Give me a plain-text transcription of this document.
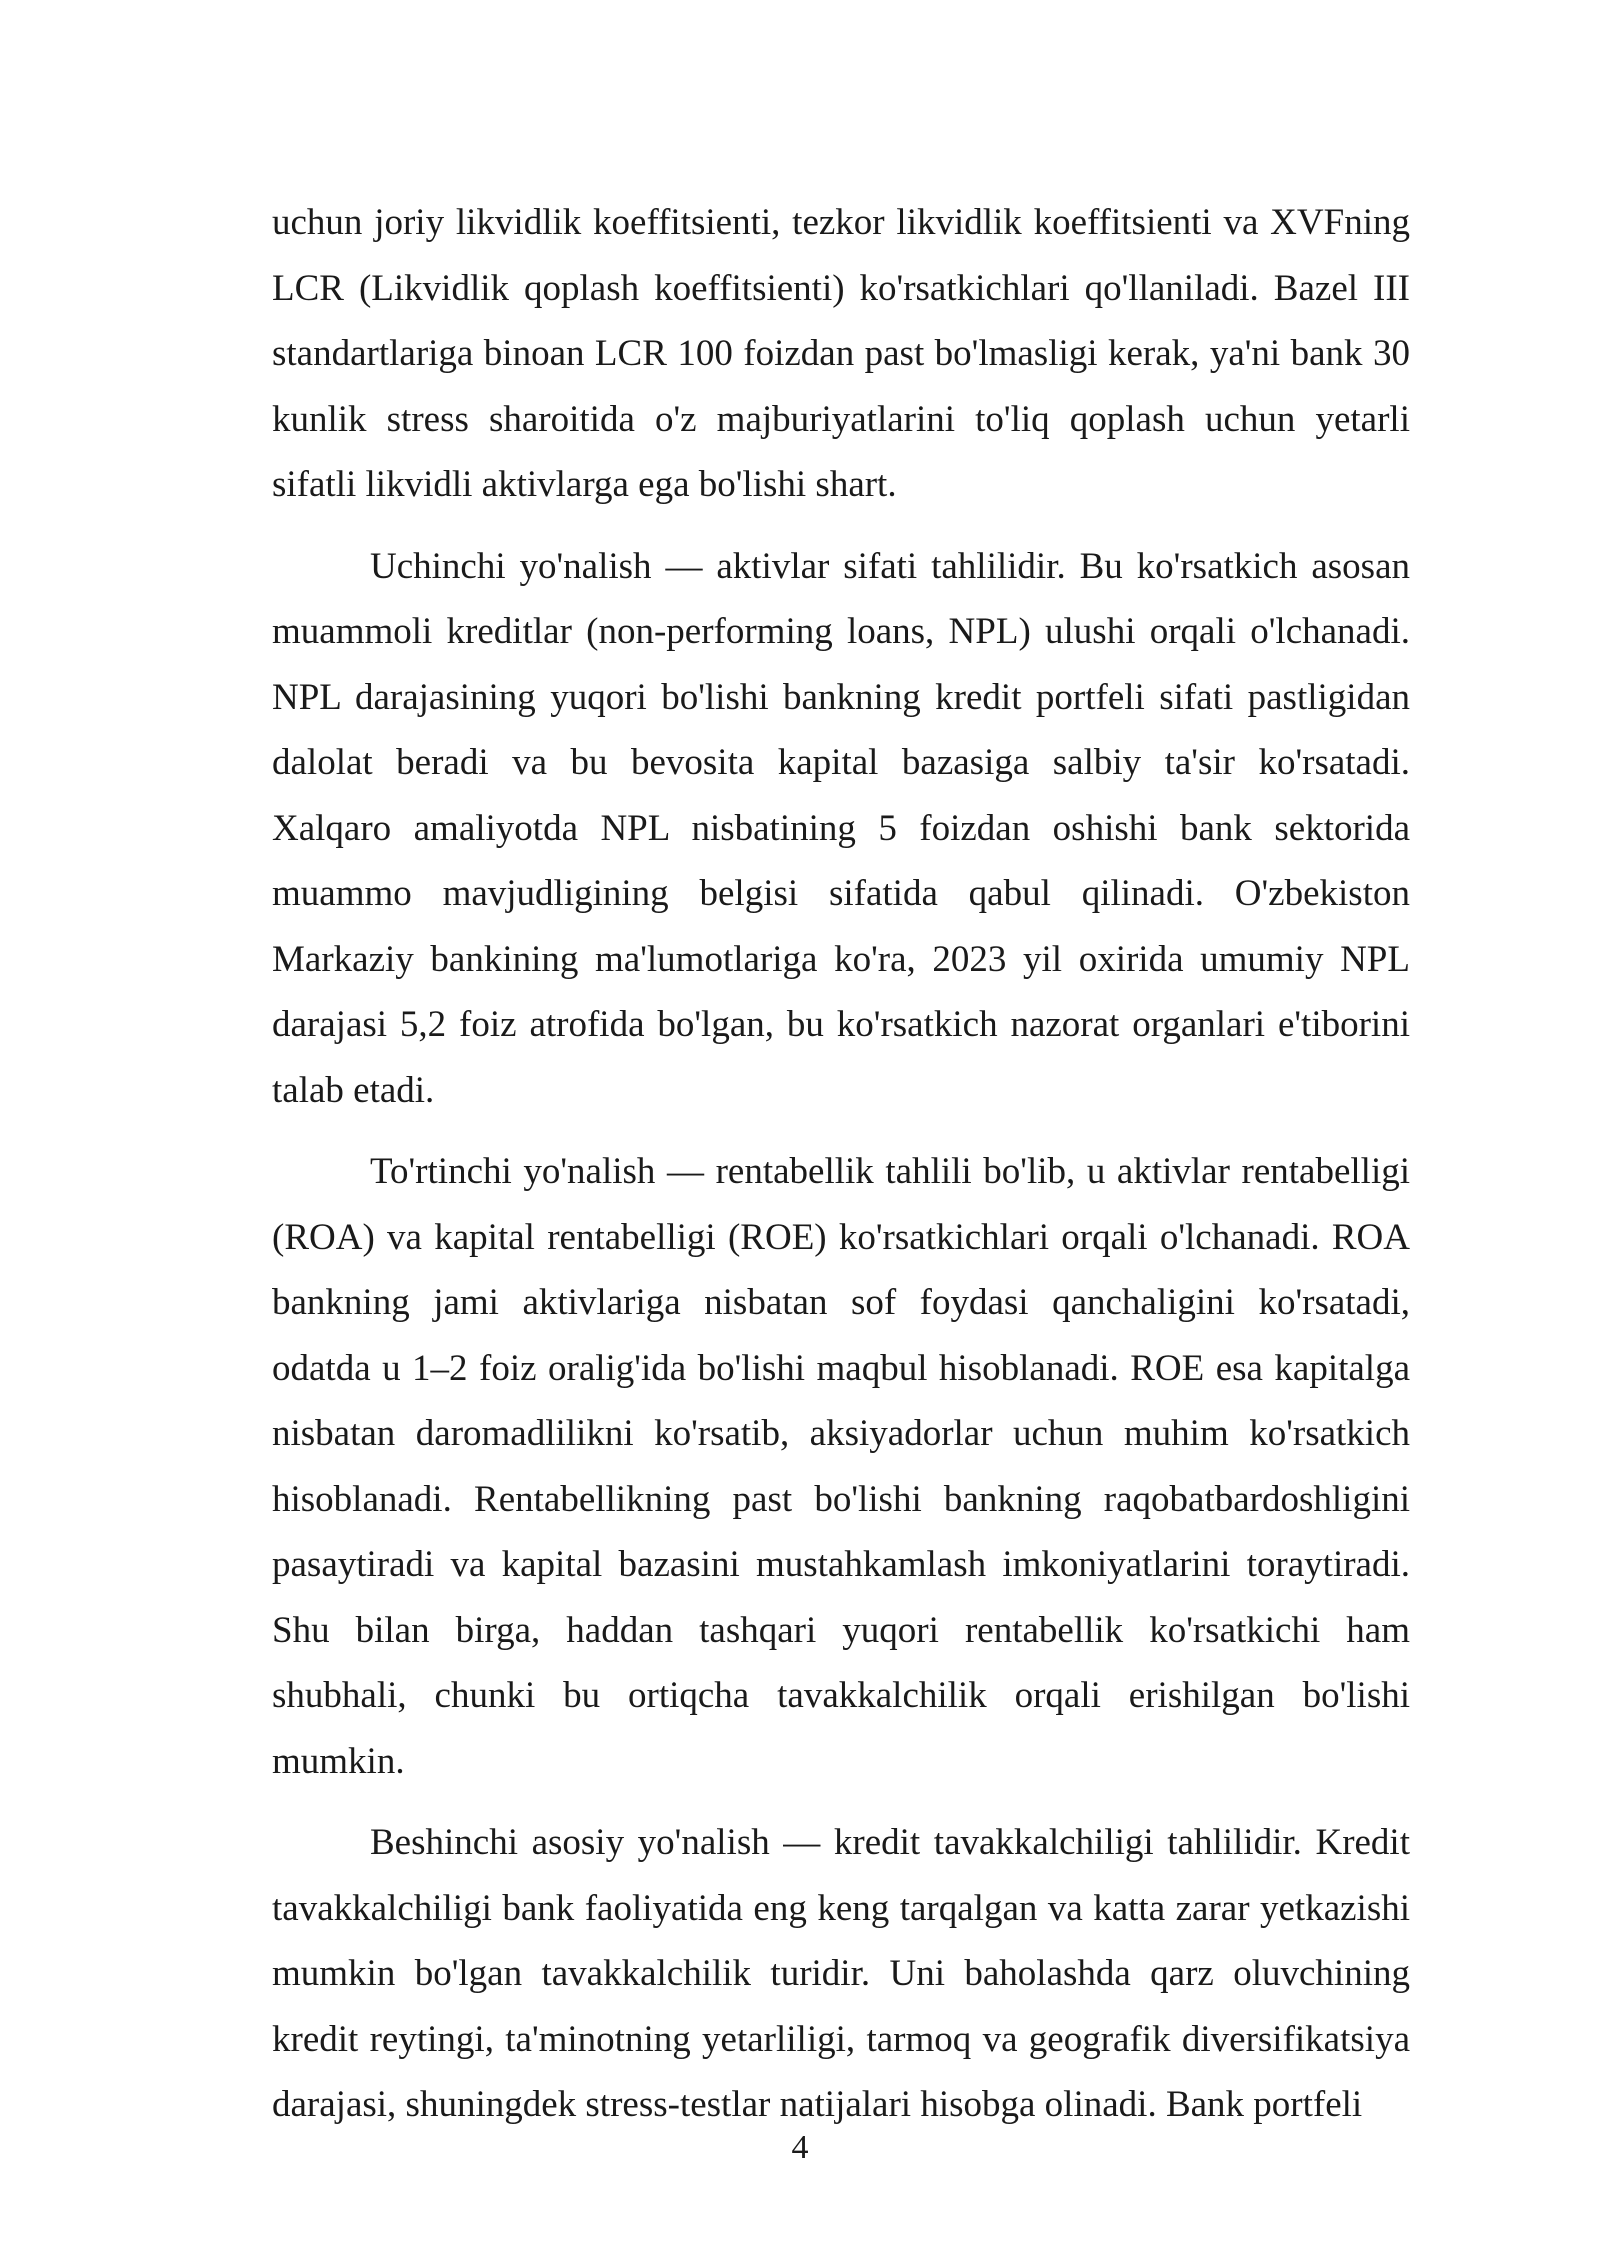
uchun joriy likvidlik koeffitsienti, tezkor likvidlik koeffitsienti va XVFning LCR (Likvidlik qoplash koeffitsienti) ko'rsatkichlari qo'llaniladi. Bazel III standartlariga binoan LCR 100 foizdan past bo'lmasligi kerak, ya'ni bank 30 kunlik stress sharoitida o'z majburiyatlarini to'liq qoplash uchun yetarli sifatli likvidli aktivlarga ega bo'lishi shart.

Uchinchi yo'nalish — aktivlar sifati tahlilidir. Bu ko'rsatkich asosan muammoli kreditlar (non-performing loans, NPL) ulushi orqali o'lchanadi. NPL darajasining yuqori bo'lishi bankning kredit portfeli sifati pastligidan dalolat beradi va bu bevosita kapital bazasiga salbiy ta'sir ko'rsatadi. Xalqaro amaliyotda NPL nisbatining 5 foizdan oshishi bank sektorida muammo mavjudligining belgisi sifatida qabul qilinadi. O'zbekiston Markaziy bankining ma'lumotlariga ko'ra, 2023 yil oxirida umumiy NPL darajasi 5,2 foiz atrofida bo'lgan, bu ko'rsatkich nazorat organlari e'tiborini talab etadi.

To'rtinchi yo'nalish — rentabellik tahlili bo'lib, u aktivlar rentabelligi (ROA) va kapital rentabelligi (ROE) ko'rsatkichlari orqali o'lchanadi. ROA bankning jami aktivlariga nisbatan sof foydasi qanchaligini ko'rsatadi, odatda u 1–2 foiz oralig'ida bo'lishi maqbul hisoblanadi. ROE esa kapitalga nisbatan daromadlilikni ko'rsatib, aksiyadorlar uchun muhim ko'rsatkich hisoblanadi. Rentabellikning past bo'lishi bankning raqobatbardoshligini pasaytiradi va kapital bazasini mustahkamlash imkoniyatlarini toraytiradi. Shu bilan birga, haddan tashqari yuqori rentabellik ko'rsatkichi ham shubhali, chunki bu ortiqcha tavakkalchilik orqali erishilgan bo'lishi mumkin.

Beshinchi asosiy yo'nalish — kredit tavakkalchiligi tahlilidir. Kredit tavakkalchiligi bank faoliyatida eng keng tarqalgan va katta zarar yetkazishi mumkin bo'lgan tavakkalchilik turidir. Uni baholashda qarz oluvchining kredit reytingi, ta'minotning yetarliligi, tarmoq va geografik diversifikatsiya darajasi, shuningdek stress-testlar natijalari hisobga olinadi. Bank portfeli

4
